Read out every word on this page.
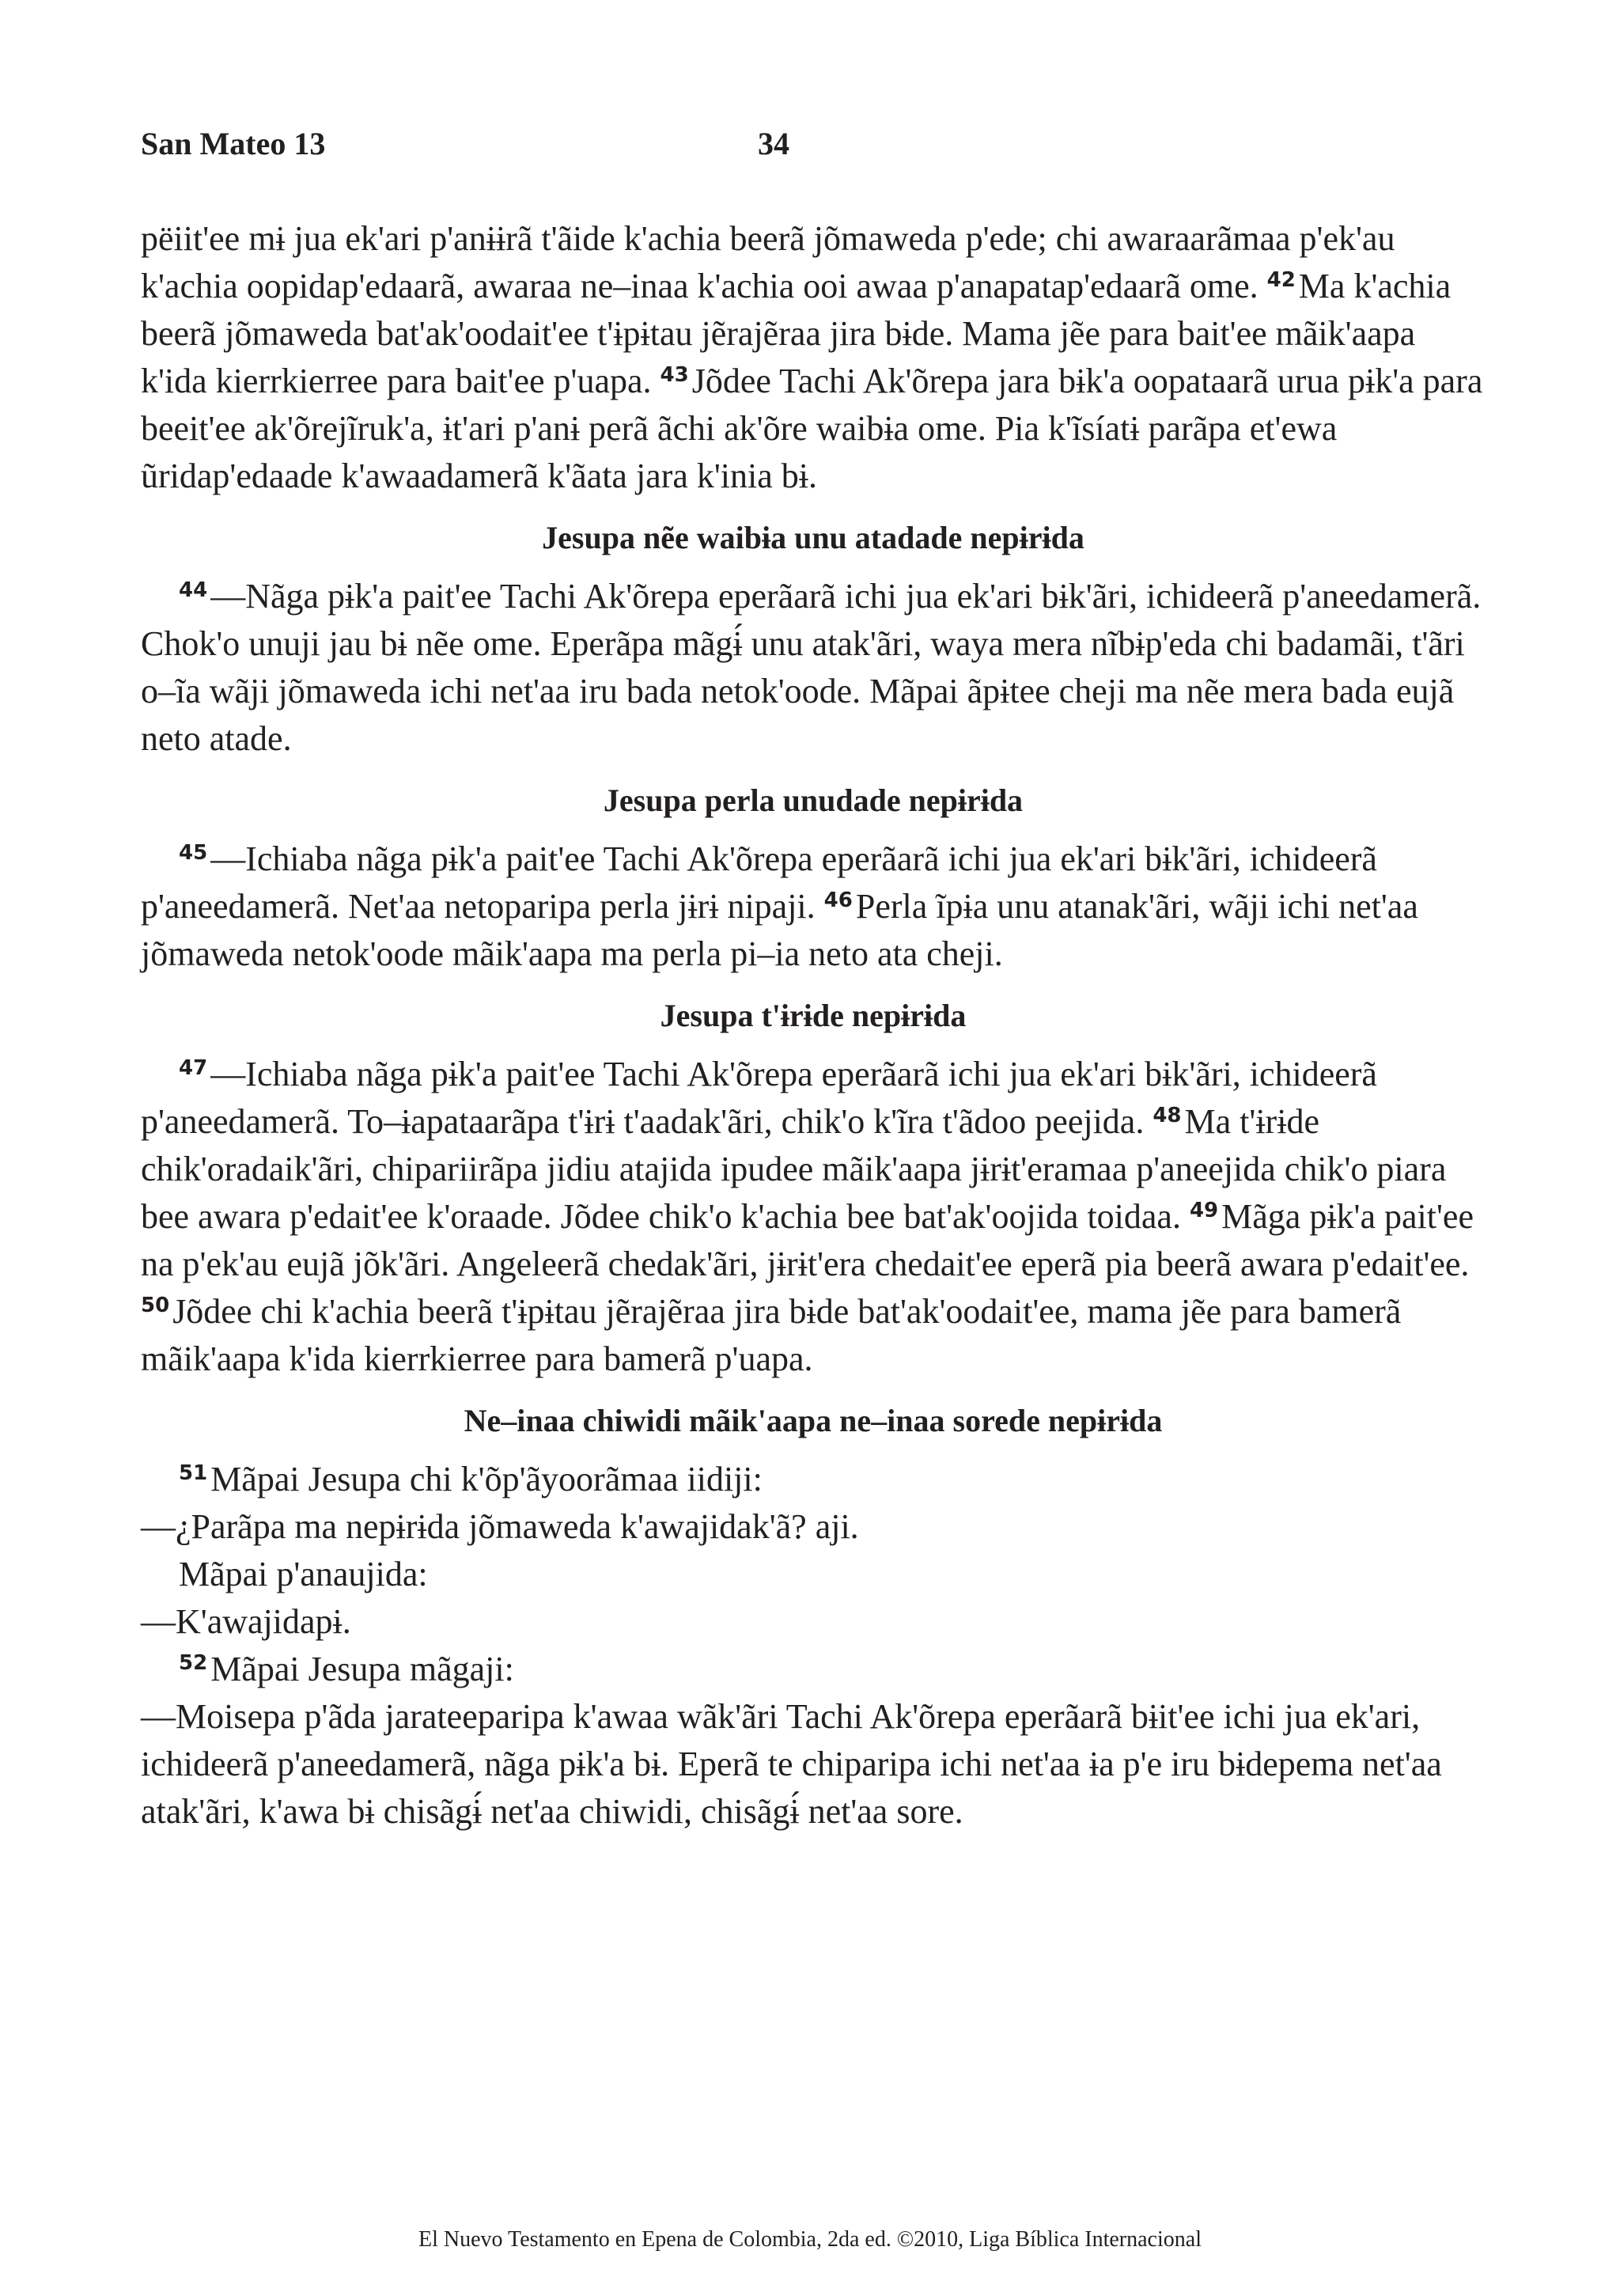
San Mateo 13	34

pëiit'ee mɨ jua ek'ari p'anɨɨrã t'ãide k'achia beerã jõmaweda p'ede; chi awaraarãmaa p'ek'au k'achia oopidap'edaarã, awaraa ne–inaa k'achia ooi awaa p'anapatap'edaarã ome. $^{42}$Ma k'achia beerã jõmaweda bat'ak'oodait'ee t'ɨpɨtau jẽrajẽraa jira bɨde. Mama jẽe para bait'ee mãik'aapa k'ida kierrkierree para bait'ee p'uapa. $^{43}$Jõdee Tachi Ak'õrepa jara bɨk'a oopataarã urua pɨk'a para beeit'ee ak'õrejĩruk'a, ɨt'ari p'anɨ perã ãchi ak'õre waibɨa ome. Pia k'ĩsíatɨ parãpa et'ewa ũridap'edaade k'awaadamerã k'ãata jara k'inia bɨ.

Jesupa nẽe waibɨa unu atadade nepɨrɨda

$^{44}$—Nãga pɨk'a pait'ee Tachi Ak'õrepa eperãarã ichi jua ek'ari bɨk'ãri, ichideerã p'aneedamerã. Chok'o unuji jau bɨ nẽe ome. Eperãpa mãgɨ́ unu atak'ãri, waya mera nĩbɨp'eda chi badamãi, t'ãri o–ĩa wãji jõmaweda ichi net'aa iru bada netok'oode. Mãpai ãpɨtee cheji ma nẽe mera bada eujã neto atade.

Jesupa perla unudade nepɨrɨda

$^{45}$—Ichiaba nãga pɨk'a pait'ee Tachi Ak'õrepa eperãarã ichi jua ek'ari bɨk'ãri, ichideerã p'aneedamerã. Net'aa netoparipa perla jɨrɨ nipaji. $^{46}$Perla ĩpɨa unu atanak'ãri, wãji ichi net'aa jõmaweda netok'oode mãik'aapa ma perla pi–ia neto ata cheji.

Jesupa t'ɨrɨde nepɨrɨda

$^{47}$—Ichiaba nãga pɨk'a pait'ee Tachi Ak'õrepa eperãarã ichi jua ek'ari bɨk'ãri, ichideerã p'aneedamerã. To–ɨapataarãpa t'ɨrɨ t'aadak'ãri, chik'o k'ĩra t'ãdoo peejida. $^{48}$Ma t'ɨrɨde chik'oradaik'ãri, chipariirãpa jidiu atajida ipudee mãik'aapa jɨrɨt'eramaa p'aneejida chik'o piara bee awara p'edait'ee k'oraade. Jõdee chik'o k'achia bee bat'ak'oojida toidaa. $^{49}$Mãga pɨk'a pait'ee na p'ek'au eujã jõk'ãri. Angeleerã chedak'ãri, jɨrɨt'era chedait'ee eperã pia beerã awara p'edait'ee. $^{50}$Jõdee chi k'achia beerã t'ɨpɨtau jẽrajẽraa jira bɨde bat'ak'oodait'ee, mama jẽe para bamerã mãik'aapa k'ida kierrkierree para bamerã p'uapa.

Ne–inaa chiwidi mãik'aapa ne–inaa sorede nepɨrɨda

$^{51}$Mãpai Jesupa chi k'õp'ãyoorãmaa iidiji:

—¿Parãpa ma nepɨrɨda jõmaweda k'awajidak'ã? aji.

Mãpai p'anaujida:

—K'awajidapɨ.

$^{52}$Mãpai Jesupa mãgaji:

—Moisepa p'ãda jarateeparipa k'awaa wãk'ãri Tachi Ak'õrepa eperãarã bɨit'ee ichi jua ek'ari, ichideerã p'aneedamerã, nãga pɨk'a bɨ. Eperã te chiparipa ichi net'aa ɨa p'e iru bɨdepema net'aa atak'ãri, k'awa bɨ chisãgɨ́ net'aa chiwidi, chisãgɨ́ net'aa sore.

El Nuevo Testamento en Epena de Colombia, 2da ed. ©2010, Liga Bíblica Internacional
